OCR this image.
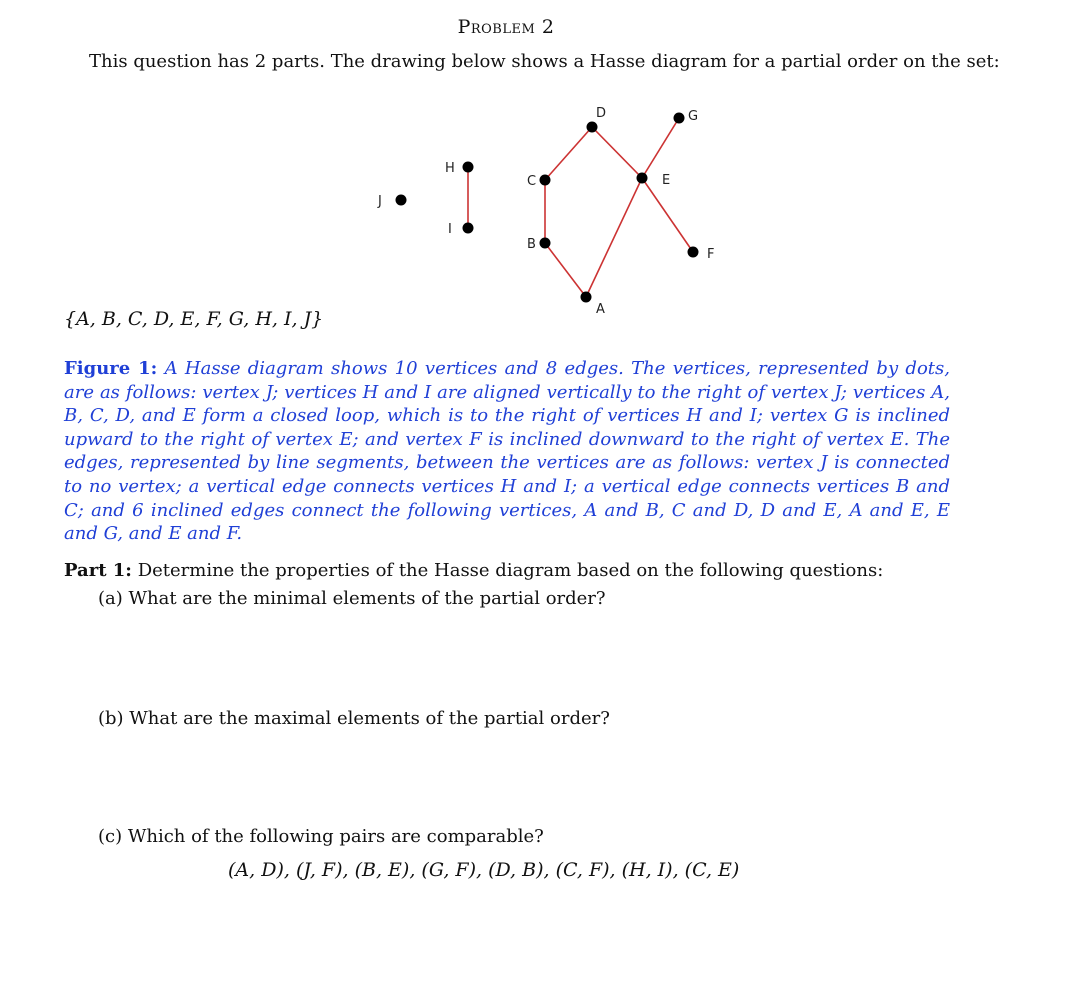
Problem 2
This question has 2 parts. The drawing below shows a Hasse diagram for a partial order on the set:
J
H
I
C
B
D
A
E
G
F
{A, B, C, D, E, F, G, H, I, J}
Figure 1: A Hasse diagram shows 10 vertices and 8 edges. The vertices, represented by dots, are as follows: vertex J; vertices H and I are aligned vertically to the right of vertex J; vertices A, B, C, D, and E form a closed loop, which is to the right of vertices H and I; vertex G is inclined upward to the right of vertex E; and vertex F is inclined downward to the right of vertex E. The edges, represented by line segments, between the vertices are as follows: vertex J is connected to no vertex; a vertical edge connects vertices H and I; a vertical edge connects vertices B and C; and 6 inclined edges connect the following vertices, A and B, C and D, D and E, A and E, E and G, and E and F.
Part 1: Determine the properties of the Hasse diagram based on the following questions:
(a) What are the minimal elements of the partial order?
(b) What are the maximal elements of the partial order?
(c) Which of the following pairs are comparable?
(A, D), (J, F), (B, E), (G, F), (D, B), (C, F), (H, I), (C, E)
